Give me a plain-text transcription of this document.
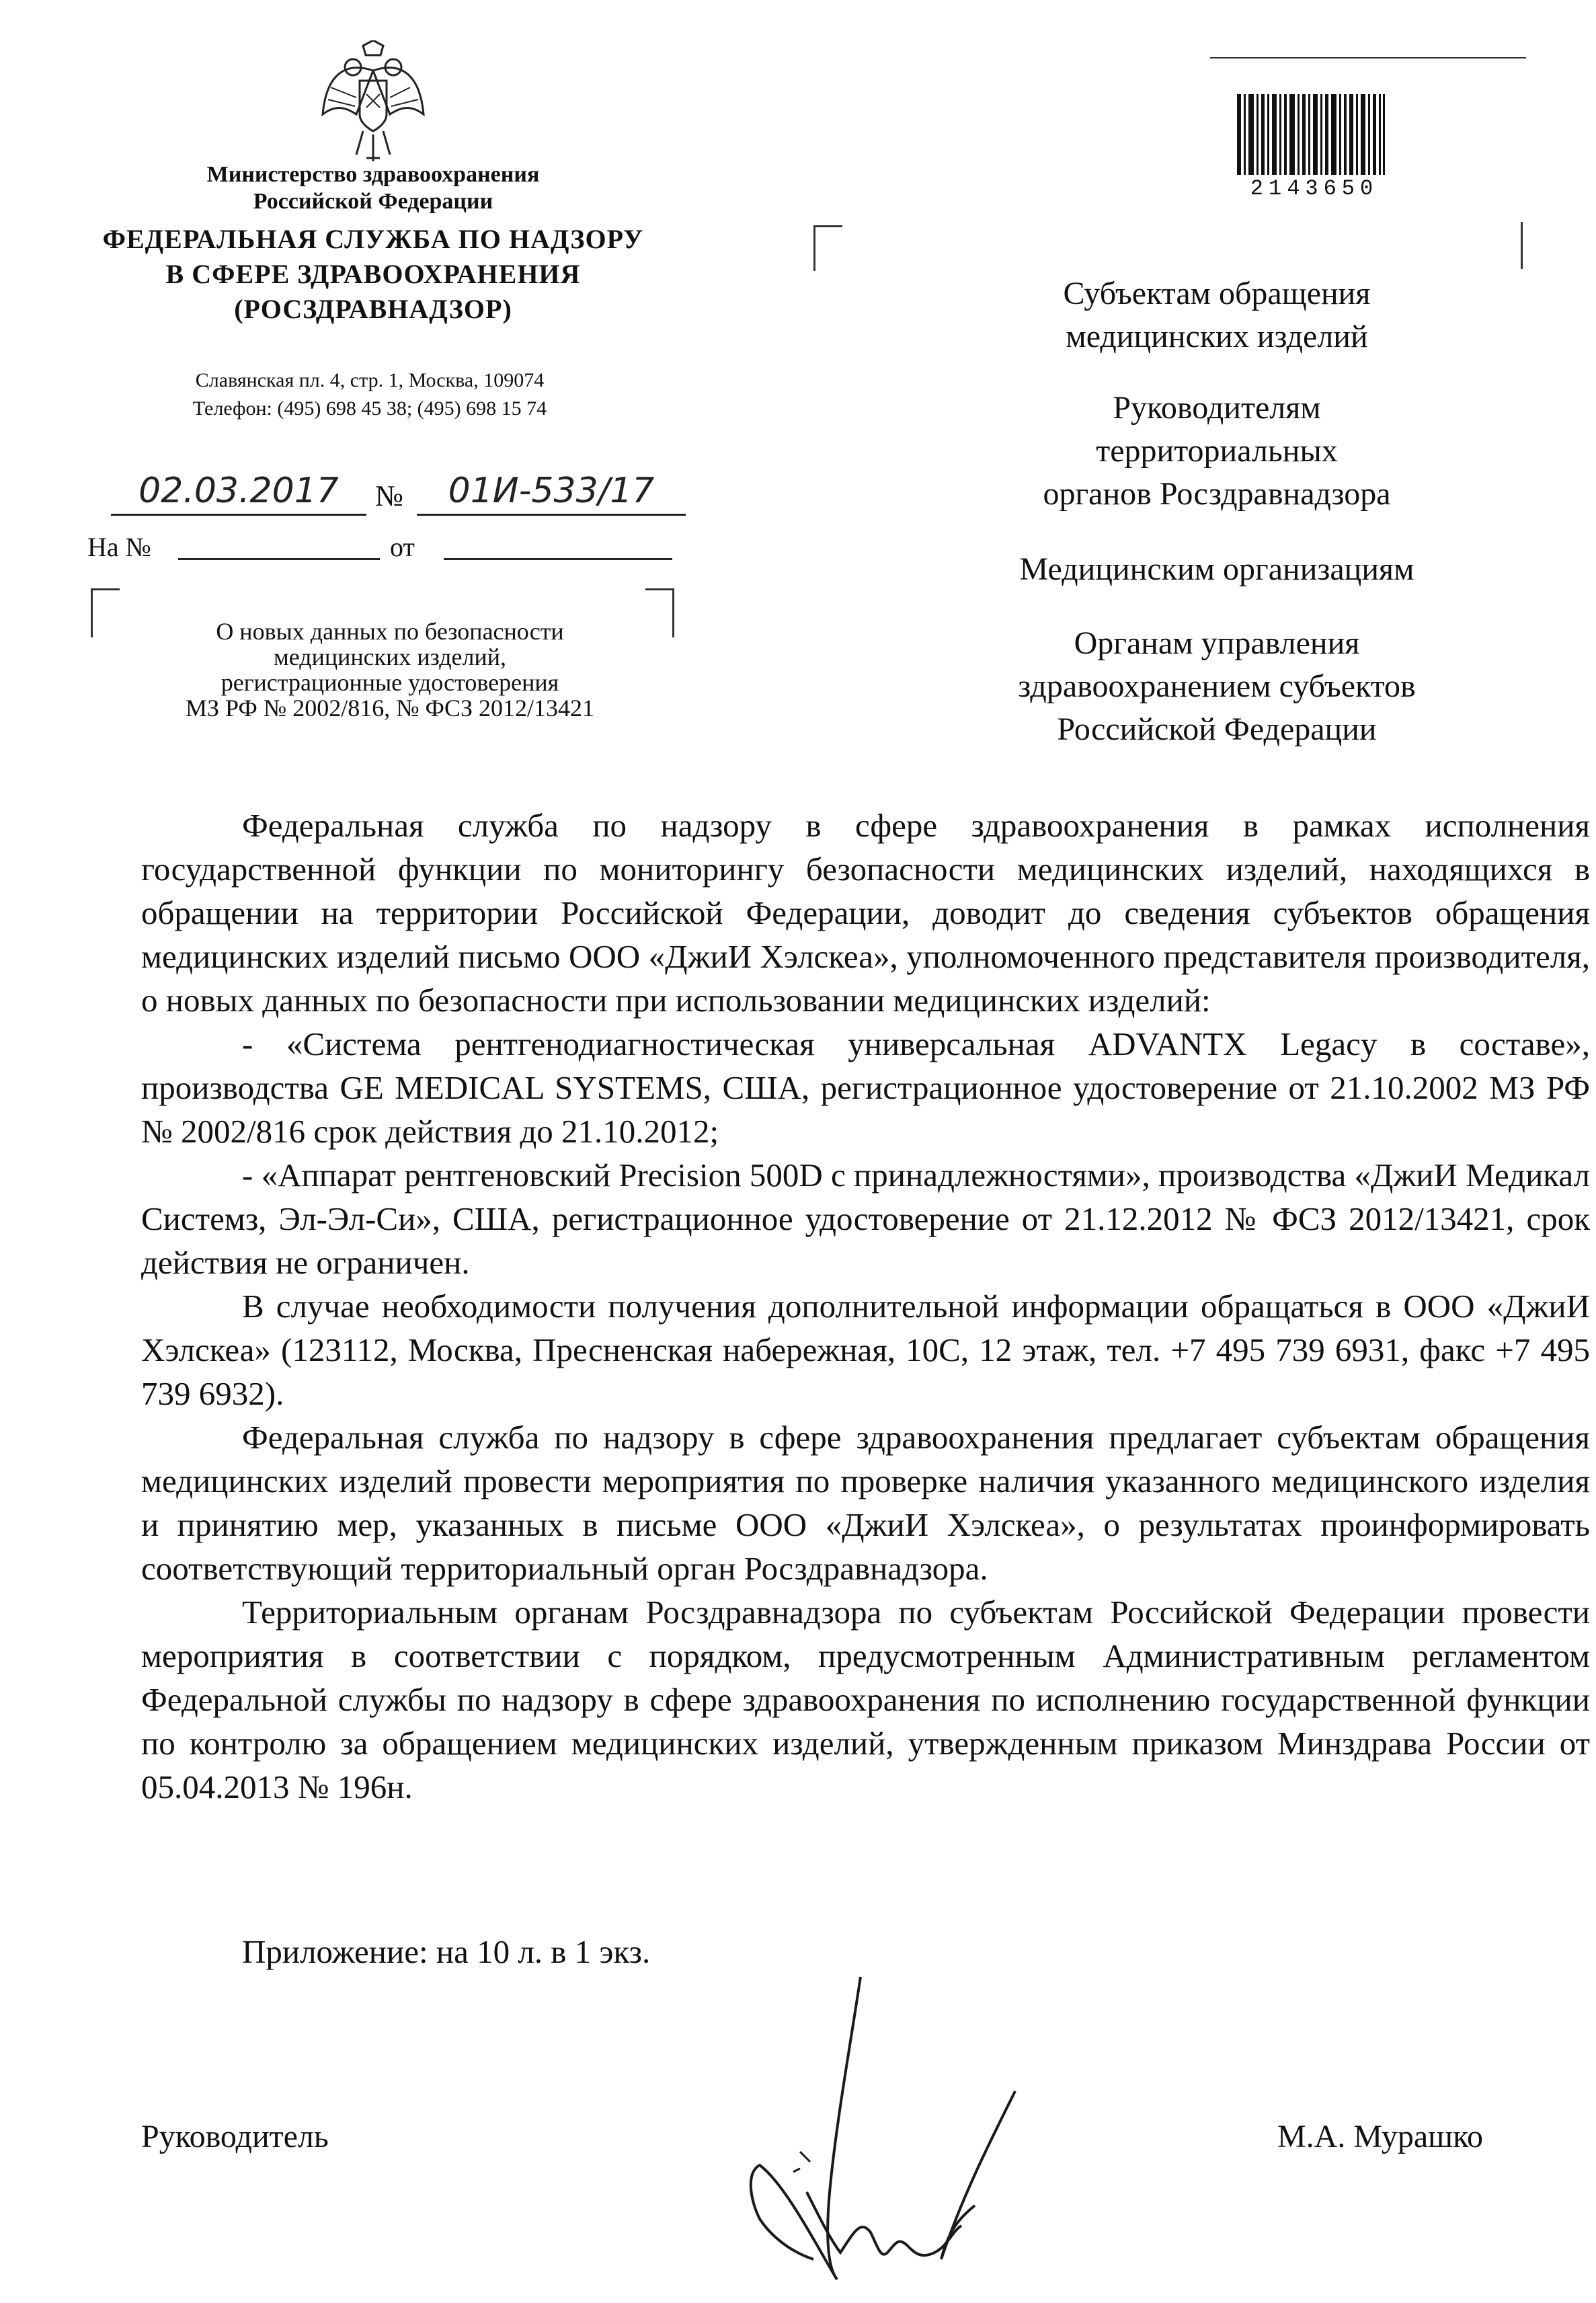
Министерство здравоохранения
Российской Федерации
ФЕДЕРАЛЬНАЯ СЛУЖБА ПО НАДЗОРУ
В СФЕРЕ ЗДРАВООХРАНЕНИЯ
(РОСЗДРАВНАДЗОР)
Славянская пл. 4, стр. 1, Москва, 109074
Телефон: (495) 698 45 38; (495) 698 15 74
02.03.2017	№	01И-533/17
На №	от
О новых данных по безопасности
медицинских изделий,
регистрационные удостоверения
МЗ РФ № 2002/816, № ФСЗ 2012/13421
2143650
Субъектам обращения
медицинских изделий
Руководителям
территориальных
органов Росздравнадзора
Медицинским организациям
Органам управления
здравоохранением субъектов
Российской Федерации
Федеральная служба по надзору в сфере здравоохранения в рамках исполнения государственной функции по мониторингу безопасности медицинских изделий, находящихся в обращении на территории Российской Федерации, доводит до сведения субъектов обращения медицинских изделий письмо ООО «ДжиИ Хэлскеа», уполномоченного представителя производителя, о новых данных по безопасности при использовании медицинских изделий:
- «Система рентгенодиагностическая универсальная ADVANTX Legacy в составе», производства GE MEDICAL SYSTEMS, США, регистрационное удостоверение от 21.10.2002 МЗ РФ № 2002/816 срок действия до 21.10.2012;
- «Аппарат рентгеновский Precision 500D с принадлежностями», производства «ДжиИ Медикал Системз, Эл-Эл-Си», США, регистрационное удостоверение от 21.12.2012 № ФСЗ 2012/13421, срок действия не ограничен.
В случае необходимости получения дополнительной информации обращаться в ООО «ДжиИ Хэлскеа» (123112, Москва, Пресненская набережная, 10С, 12 этаж, тел. +7 495 739 6931, факс +7 495 739 6932).
Федеральная служба по надзору в сфере здравоохранения предлагает субъектам обращения медицинских изделий провести мероприятия по проверке наличия указанного медицинского изделия и принятию мер, указанных в письме ООО «ДжиИ Хэлскеа», о результатах проинформировать соответствующий территориальный орган Росздравнадзора.
Территориальным органам Росздравнадзора по субъектам Российской Федерации провести мероприятия в соответствии с порядком, предусмотренным Административным регламентом Федеральной службы по надзору в сфере здравоохранения по исполнению государственной функции по контролю за обращением медицинских изделий, утвержденным приказом Минздрава России от 05.04.2013 № 196н.
Приложение: на 10 л. в 1 экз.
Руководитель	М.А. Мурашко
